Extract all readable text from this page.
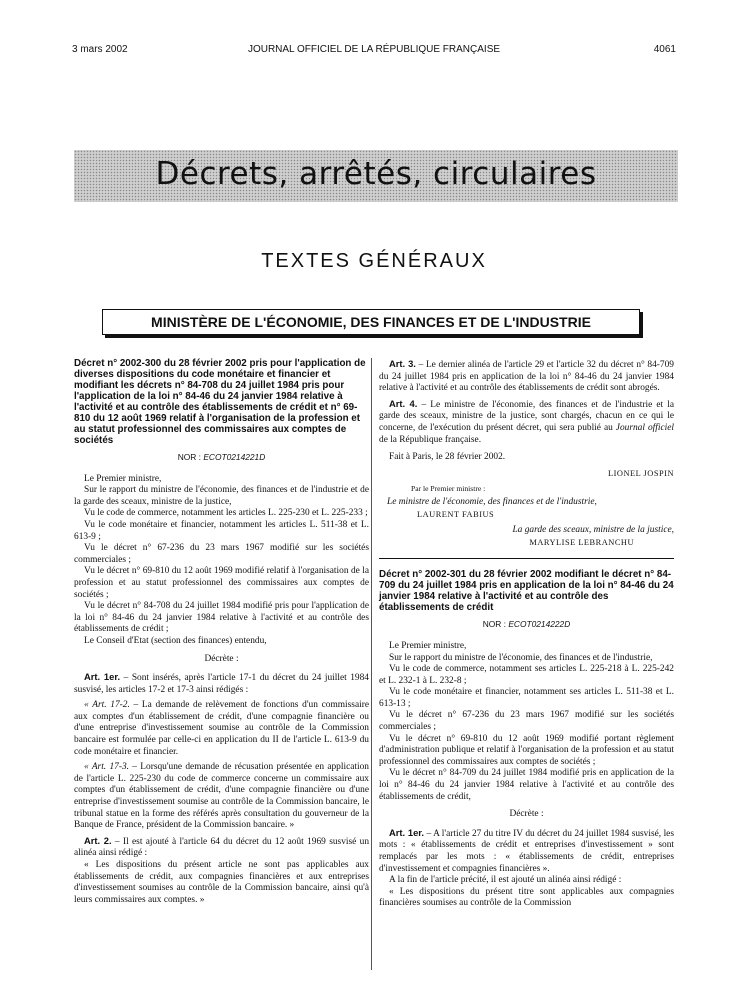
3 mars 2002	JOURNAL OFFICIEL DE LA RÉPUBLIQUE FRANÇAISE	4061
Décrets, arrêtés, circulaires
TEXTES GÉNÉRAUX
MINISTÈRE DE L'ÉCONOMIE, DES FINANCES ET DE L'INDUSTRIE

Décret n° 2002-300 du 28 février 2002 pris pour l'application de diverses dispositions du code monétaire et financier et modifiant les décrets n° 84-708 du 24 juillet 1984 pris pour l'application de la loi n° 84-46 du 24 janvier 1984 relative à l'activité et au contrôle des établissements de crédit et n° 69-810 du 12 août 1969 relatif à l'organisation de la profession et au statut professionnel des commissaires aux comptes de sociétés

NOR : ECOT0214221D

Le Premier ministre,

Sur le rapport du ministre de l'économie, des finances et de l'industrie et de la garde des sceaux, ministre de la justice,

Vu le code de commerce, notamment les articles L. 225-230 et L. 225-233 ;

Vu le code monétaire et financier, notamment les articles L. 511-38 et L. 613-9 ;

Vu le décret n° 67-236 du 23 mars 1967 modifié sur les sociétés commerciales ;

Vu le décret n° 69-810 du 12 août 1969 modifié relatif à l'organisation de la profession et au statut professionnel des commissaires aux comptes de sociétés ;

Vu le décret n° 84-708 du 24 juillet 1984 modifié pris pour l'application de la loi n° 84-46 du 24 janvier 1984 relative à l'activité et au contrôle des établissements de crédit ;

Le Conseil d'Etat (section des finances) entendu,

Décrète :

Art. 1er. – Sont insérés, après l'article 17-1 du décret du 24 juillet 1984 susvisé, les articles 17-2 et 17-3 ainsi rédigés :

« Art. 17-2. – La demande de relèvement de fonctions d'un commissaire aux comptes d'un établissement de crédit, d'une compagnie financière ou d'une entreprise d'investissement soumise au contrôle de la Commission bancaire est formulée par celle-ci en application du II de l'article L. 613-9 du code monétaire et financier.

« Art. 17-3. – Lorsqu'une demande de récusation présentée en application de l'article L. 225-230 du code de commerce concerne un commissaire aux comptes d'un établissement de crédit, d'une compagnie financière ou d'une entreprise d'investissement soumise au contrôle de la Commission bancaire, le tribunal statue en la forme des référés après consultation du gouverneur de la Banque de France, président de la Commission bancaire. »

Art. 2. – Il est ajouté à l'article 64 du décret du 12 août 1969 susvisé un alinéa ainsi rédigé :

« Les dispositions du présent article ne sont pas applicables aux établissements de crédit, aux compagnies financières et aux entreprises d'investissement soumises au contrôle de la Commission bancaire, ainsi qu'à leurs commissaires aux comptes. »

Art. 3. – Le dernier alinéa de l'article 29 et l'article 32 du décret n° 84-709 du 24 juillet 1984 pris en application de la loi n° 84-46 du 24 janvier 1984 relative à l'activité et au contrôle des établissements de crédit sont abrogés.

Art. 4. – Le ministre de l'économie, des finances et de l'industrie et la garde des sceaux, ministre de la justice, sont chargés, chacun en ce qui le concerne, de l'exécution du présent décret, qui sera publié au Journal officiel de la République française.

Fait à Paris, le 28 février 2002.

LIONEL JOSPIN

Par le Premier ministre :

Le ministre de l'économie, des finances et de l'industrie,

LAURENT FABIUS

La garde des sceaux, ministre de la justice,

MARYLISE LEBRANCHU

Décret n° 2002-301 du 28 février 2002 modifiant le décret n° 84-709 du 24 juillet 1984 pris en application de la loi n° 84-46 du 24 janvier 1984 relative à l'activité et au contrôle des établissements de crédit

NOR : ECOT0214222D

Le Premier ministre,

Sur le rapport du ministre de l'économie, des finances et de l'industrie,

Vu le code de commerce, notamment ses articles L. 225-218 à L. 225-242 et L. 232-1 à L. 232-8 ;

Vu le code monétaire et financier, notamment ses articles L. 511-38 et L. 613-13 ;

Vu le décret n° 67-236 du 23 mars 1967 modifié sur les sociétés commerciales ;

Vu le décret n° 69-810 du 12 août 1969 modifié portant règlement d'administration publique et relatif à l'organisation de la profession et au statut professionnel des commissaires aux comptes de sociétés ;

Vu le décret n° 84-709 du 24 juillet 1984 modifié pris en application de la loi n° 84-46 du 24 janvier 1984 relative à l'activité et au contrôle des établissements de crédit,

Décrète :

Art. 1er. – A l'article 27 du titre IV du décret du 24 juillet 1984 susvisé, les mots : « établissements de crédit et entreprises d'investissement » sont remplacés par les mots : « établissements de crédit, entreprises d'investissement et compagnies financières ».

A la fin de l'article précité, il est ajouté un alinéa ainsi rédigé :

« Les dispositions du présent titre sont applicables aux compagnies financières soumises au contrôle de la Commission
